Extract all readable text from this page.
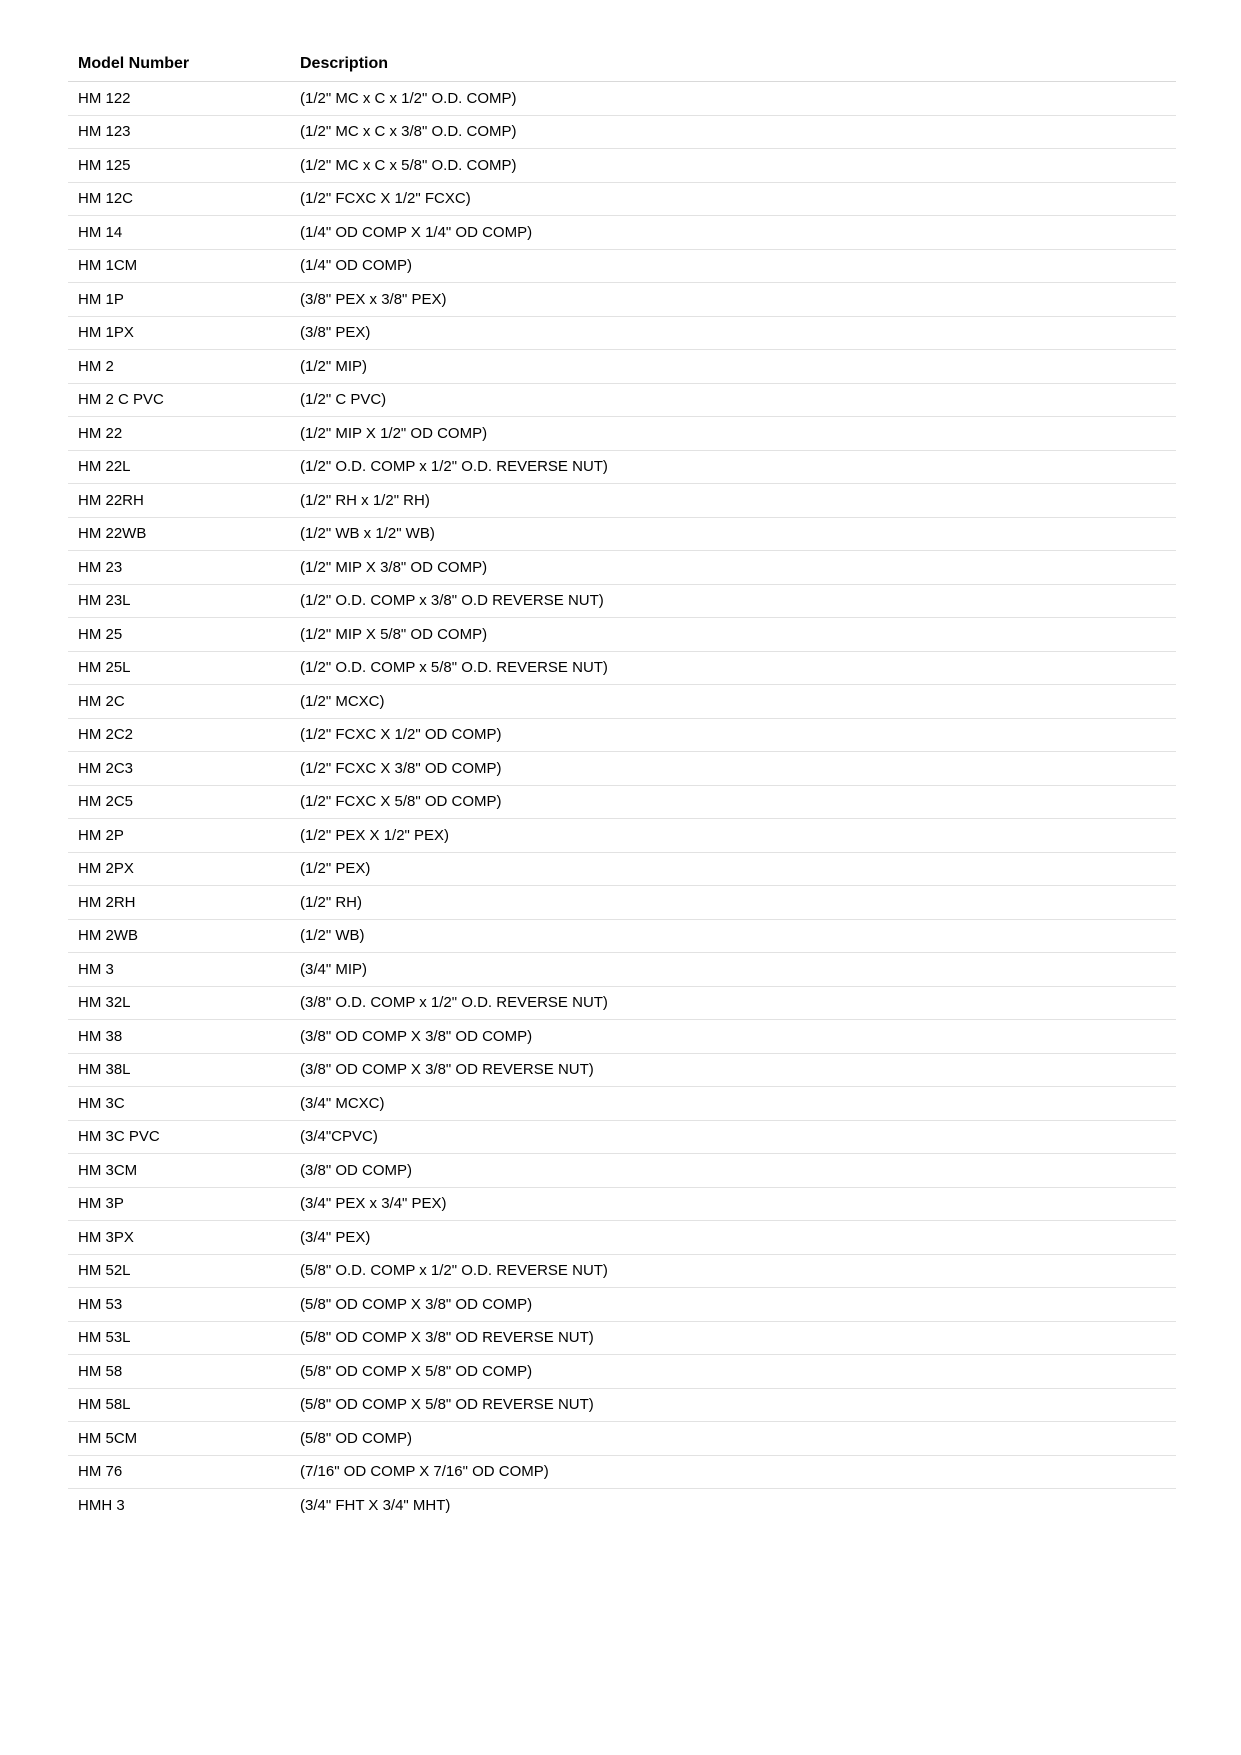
Model Number	Description
HM 122	(1/2" MC x C x 1/2" O.D. COMP)
HM 123	(1/2" MC x C x 3/8" O.D. COMP)
HM 125	(1/2" MC x C x 5/8" O.D. COMP)
HM 12C	(1/2" FCXC X 1/2" FCXC)
HM 14	(1/4" OD COMP X 1/4" OD COMP)
HM 1CM	(1/4" OD COMP)
HM 1P	(3/8" PEX x 3/8" PEX)
HM 1PX	(3/8" PEX)
HM 2	(1/2" MIP)
HM 2 C PVC	(1/2" C PVC)
HM 22	(1/2" MIP X 1/2" OD COMP)
HM 22L	(1/2" O.D. COMP x 1/2" O.D. REVERSE NUT)
HM 22RH	(1/2" RH x 1/2" RH)
HM 22WB	(1/2" WB x 1/2" WB)
HM 23	(1/2" MIP X 3/8" OD COMP)
HM 23L	(1/2" O.D. COMP x 3/8" O.D REVERSE NUT)
HM 25	(1/2" MIP X 5/8" OD COMP)
HM 25L	(1/2" O.D. COMP x 5/8" O.D. REVERSE NUT)
HM 2C	(1/2" MCXC)
HM 2C2	(1/2" FCXC X 1/2" OD COMP)
HM 2C3	(1/2" FCXC X 3/8" OD COMP)
HM 2C5	(1/2" FCXC X 5/8" OD COMP)
HM 2P	(1/2" PEX X 1/2" PEX)
HM 2PX	(1/2" PEX)
HM 2RH	(1/2" RH)
HM 2WB	(1/2" WB)
HM 3	(3/4" MIP)
HM 32L	(3/8" O.D. COMP x 1/2" O.D. REVERSE NUT)
HM 38	(3/8" OD COMP X 3/8" OD COMP)
HM 38L	(3/8" OD COMP X 3/8" OD REVERSE NUT)
HM 3C	(3/4" MCXC)
HM 3C PVC	(3/4"CPVC)
HM 3CM	(3/8" OD COMP)
HM 3P	(3/4" PEX x 3/4" PEX)
HM 3PX	(3/4" PEX)
HM 52L	(5/8" O.D. COMP x 1/2" O.D. REVERSE NUT)
HM 53	(5/8" OD COMP X 3/8" OD COMP)
HM 53L	(5/8" OD COMP X 3/8" OD REVERSE NUT)
HM 58	(5/8" OD COMP X 5/8" OD COMP)
HM 58L	(5/8" OD COMP X 5/8" OD REVERSE NUT)
HM 5CM	(5/8" OD COMP)
HM 76	(7/16" OD COMP X 7/16" OD COMP)
HMH 3	(3/4" FHT X 3/4" MHT)
